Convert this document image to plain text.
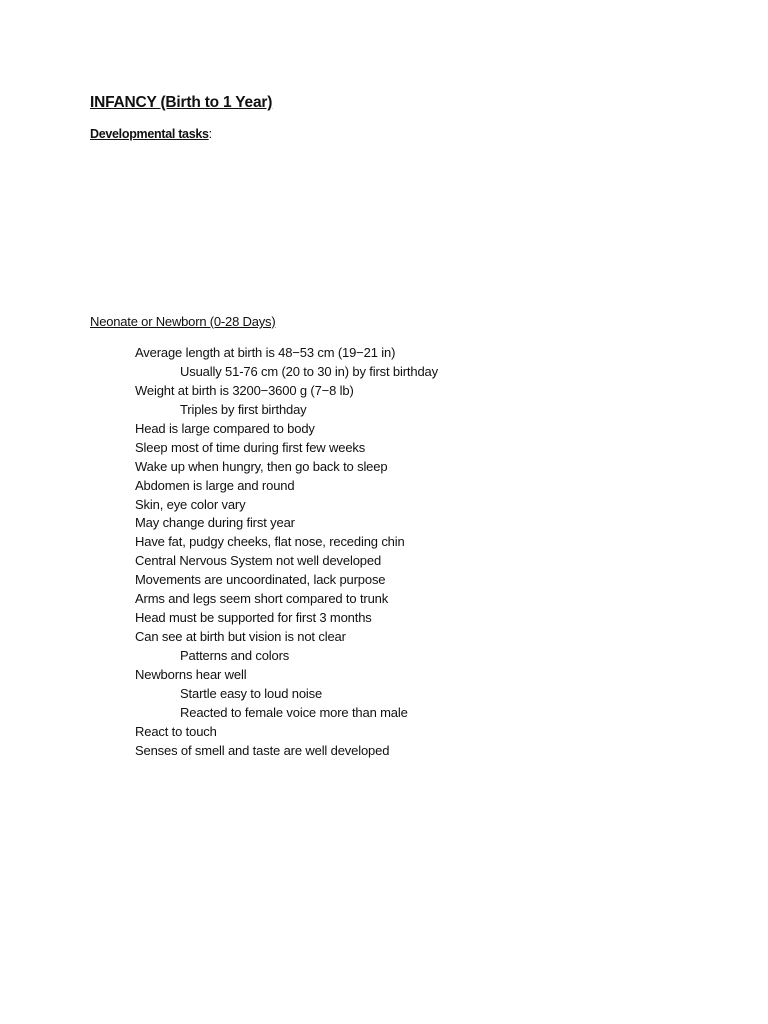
INFANCY (Birth to 1 Year)
Developmental tasks:
Neonate or Newborn (0-28 Days)
Average length at birth is 48−53 cm (19−21 in)
Usually 51-76 cm (20 to 30 in) by first birthday
Weight at birth is 3200−3600 g (7−8 lb)
Triples by first birthday
Head is large compared to body
Sleep most of time during first few weeks
Wake up when hungry, then go back to sleep
Abdomen is large and round
Skin, eye color vary
May change during first year
Have fat, pudgy cheeks, flat nose, receding chin
Central Nervous System not well developed
Movements are uncoordinated, lack purpose
Arms and legs seem short compared to trunk
Head must be supported for first 3 months
Can see at birth but vision is not clear
Patterns and colors
Newborns hear well
Startle easy to loud noise
Reacted to female voice more than male
React to touch
Senses of smell and taste are well developed
